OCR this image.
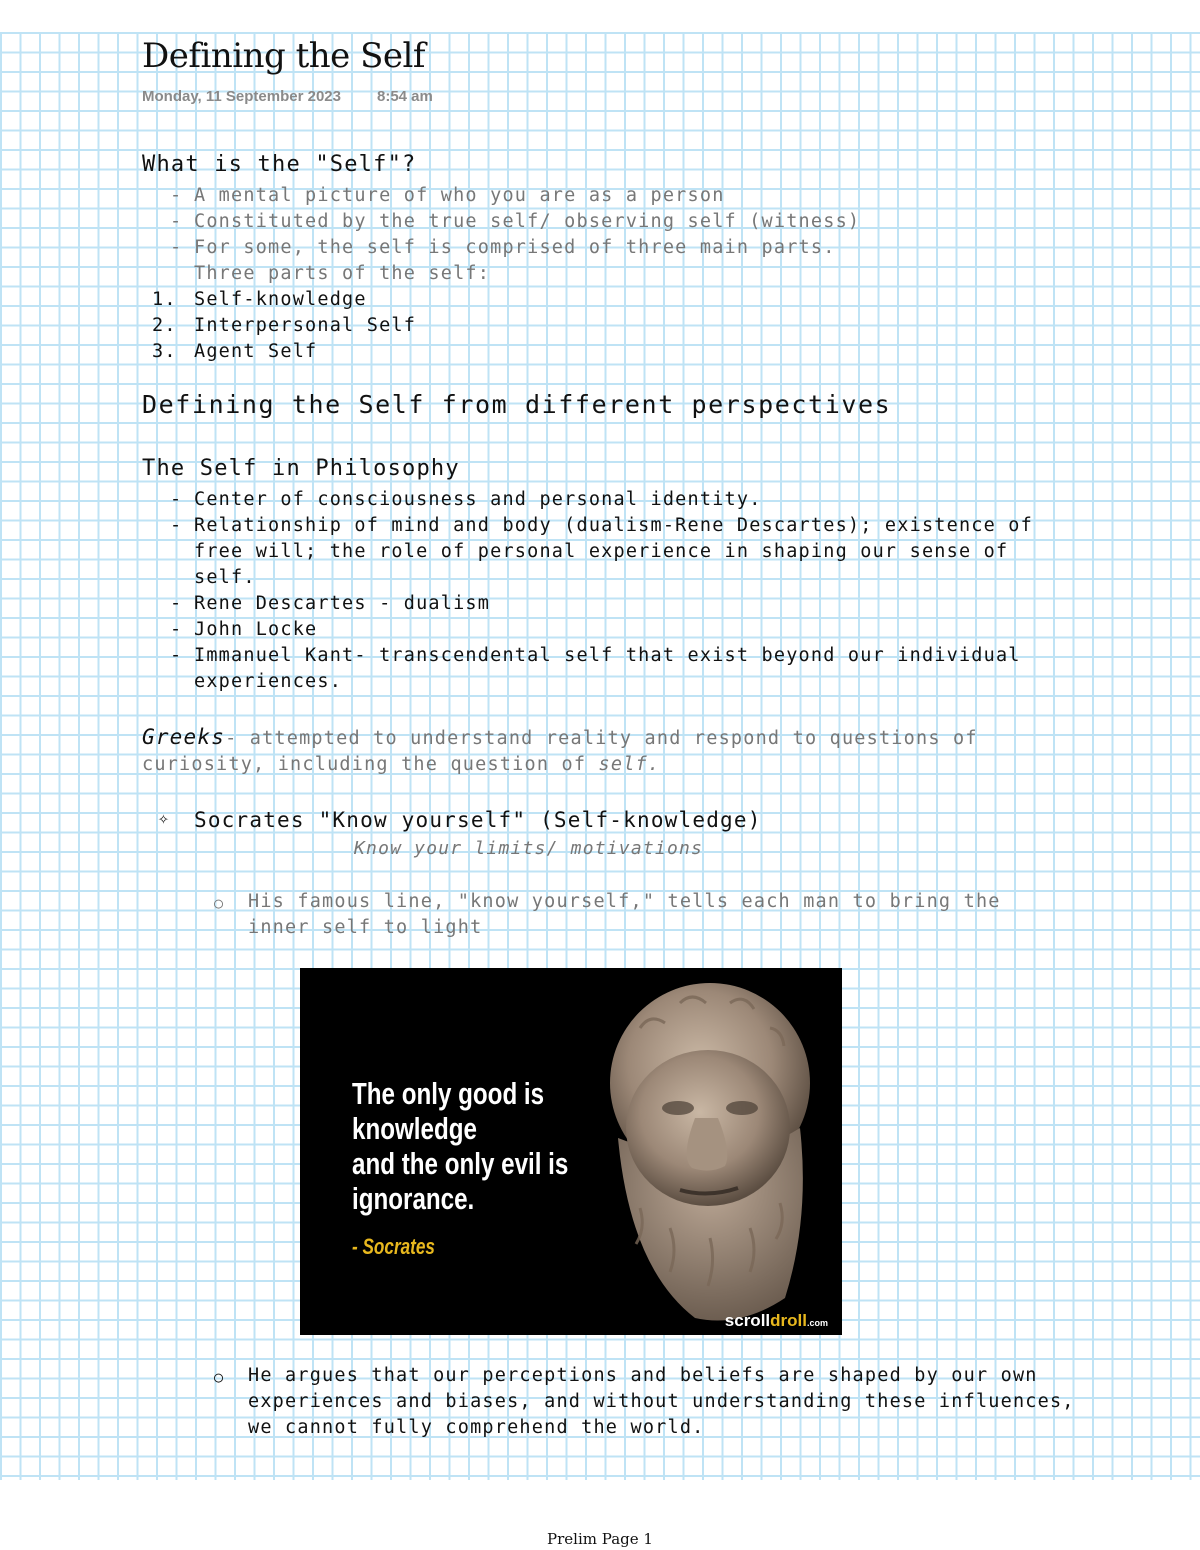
Defining the Self
Monday, 11 September 2023 8:54 am
What is the "Self"?
- A mental picture of who you are as a person
- Constituted by the true self/ observing self (witness)
- For some, the self is comprised of three main parts.
Three parts of the self:
1. Self-knowledge
2. Interpersonal Self
3. Agent Self
Defining the Self from different perspectives
The Self in Philosophy
- Center of consciousness and personal identity.
- Relationship of mind and body (dualism-Rene Descartes); existence of
free will; the role of personal experience in shaping our sense of
self.
- Rene Descartes - dualism
- John Locke
- Immanuel Kant- transcendental self that exist beyond our individual
experiences.
Greeks- attempted to understand reality and respond to questions of
curiosity, including the question of self.
✧ Socrates "Know yourself" (Self-knowledge)
Know your limits/ motivations
○ His famous line, "know yourself," tells each man to bring the
inner self to light
The only good is
knowledge
and the only evil is
ignorance.
- Socrates
scrolldroll.com
○ He argues that our perceptions and beliefs are shaped by our own
experiences and biases, and without understanding these influences,
we cannot fully comprehend the world.
Prelim Page 1
